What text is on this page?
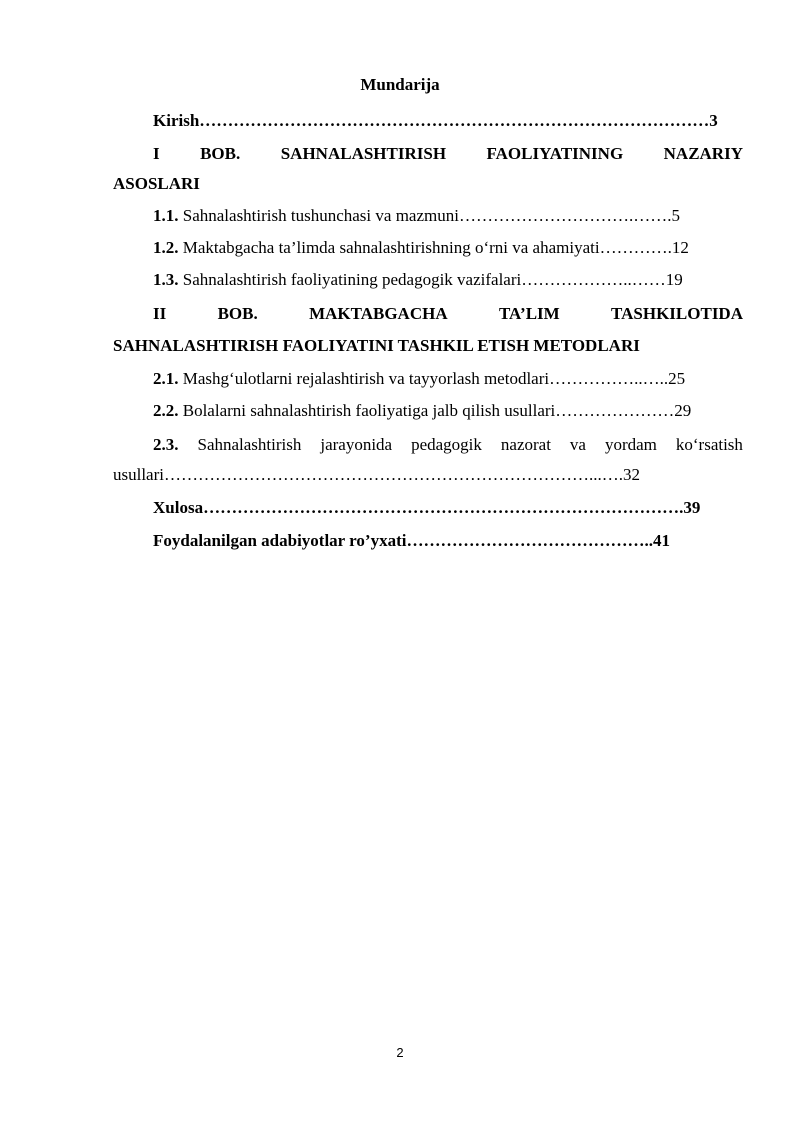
Mundarija
Kirish………………………………………………………………………………3
I BOB. SAHNALASHTIRISH FAOLIYATINING NAZARIY
ASOSLARI
1.1. Sahnalashtirish tushunchasi va mazmuni………………………….…….5
1.2. Maktabgacha ta’limda sahnalashtirishning o‘rni va ahamiyati………….12
1.3. Sahnalashtirish faoliyatining pedagogik vazifalari………………..……19
II	BOB.	MAKTABGACHA	TA’LIM	TASHKILOTIDA
SAHNALASHTIRISH FAOLIYATINI TASHKIL ETISH METODLARI
2.1. Mashg‘ulotlarni rejalashtirish va tayyorlash metodlari……………..…..25
2.2. Bolalarni sahnalashtirish faoliyatiga jalb qilish usullari…………………29
2.3. Sahnalashtirish jarayonida pedagogik nazorat va yordam ko‘rsatish
usullari…………………………………………………………………...….32
Xulosa………………………………………………………………………….39
Foydalanilgan adabiyotlar ro’yxati……………………………………..41
2
